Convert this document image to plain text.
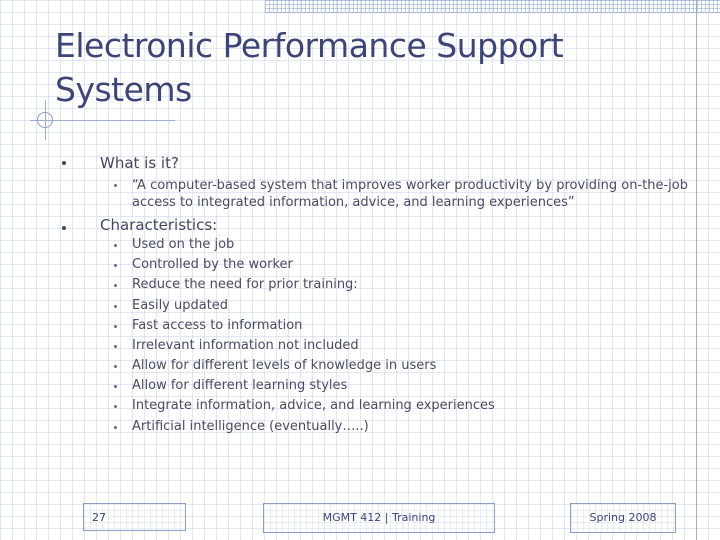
Electronic Performance Support
Systems
What is it?
“A computer-based system that improves worker productivity by providing on-the-job access to integrated information, advice, and learning experiences”
Characteristics:
Used on the job
Controlled by the worker
Reduce the need for prior training:
Easily updated
Fast access to information
Irrelevant information not included
Allow for different levels of knowledge in users
Allow for different learning styles
Integrate information, advice, and learning experiences
Artificial intelligence (eventually…..)
27	MGMT 412 | Training	Spring 2008
